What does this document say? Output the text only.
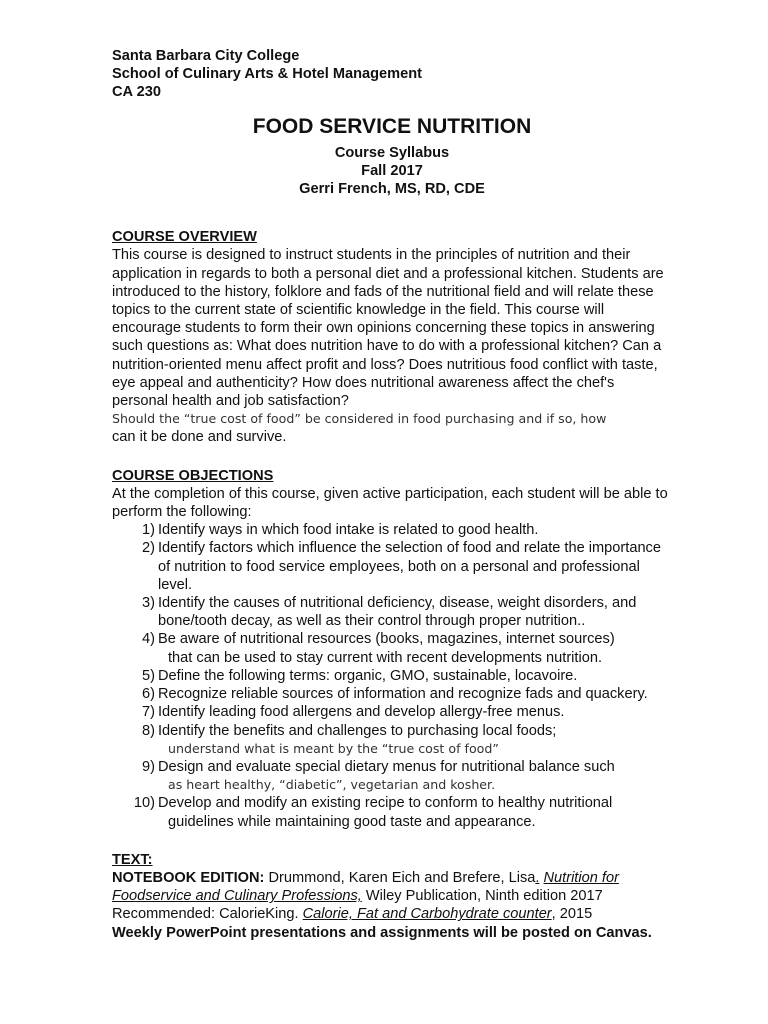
Santa Barbara City College
School of Culinary Arts & Hotel Management
CA 230
FOOD SERVICE NUTRITION
Course Syllabus
Fall 2017
Gerri French, MS, RD, CDE
COURSE OVERVIEW

This course is designed to instruct students in the principles of nutrition and their application in regards to both a personal diet and a professional kitchen. Students are introduced to the history, folklore and fads of the nutritional field and will relate these topics to the current state of scientific knowledge in the field. This course will encourage students to form their own opinions concerning these topics in answering such questions as: What does nutrition have to do with a professional kitchen? Can a nutrition-oriented menu affect profit and loss? Does nutritious food conflict with taste, eye appeal and authenticity? How does nutritional awareness affect the chef's personal health and job satisfaction?

Should the “true cost of food” be considered in food purchasing and if so, how

can it be done and survive.

COURSE OBJECTIONS

At the completion of this course, given active participation, each student will be able to perform the following:

1) Identify ways in which food intake is related to good health.
2) Identify factors which influence the selection of food and relate the importance of nutrition to food service employees, both on a personal and professional level.
3) Identify the causes of nutritional deficiency, disease, weight disorders, and bone/tooth decay, as well as their control through proper nutrition..
4) Be aware of nutritional resources (books, magazines, internet sources)
that can be used to stay current with recent developments nutrition.
5) Define the following terms: organic, GMO, sustainable, locavoire.
6) Recognize reliable sources of information and recognize fads and quackery.
7) Identify leading food allergens and develop allergy-free menus.
8) Identify the benefits and challenges to purchasing local foods;
understand what is meant by the “true cost of food”
9) Design and evaluate special dietary menus for nutritional balance such
as heart healthy, “diabetic”, vegetarian and kosher.
10) Develop and modify an existing recipe to conform to healthy nutritional
guidelines while maintaining good taste and appearance.
TEXT:

NOTEBOOK EDITION: Drummond, Karen Eich and Brefere, Lisa. Nutrition for Foodservice and Culinary Professions, Wiley Publication, Ninth edition 2017

Recommended: CalorieKing. Calorie, Fat and Carbohydrate counter, 2015

Weekly PowerPoint presentations and assignments will be posted on Canvas.
